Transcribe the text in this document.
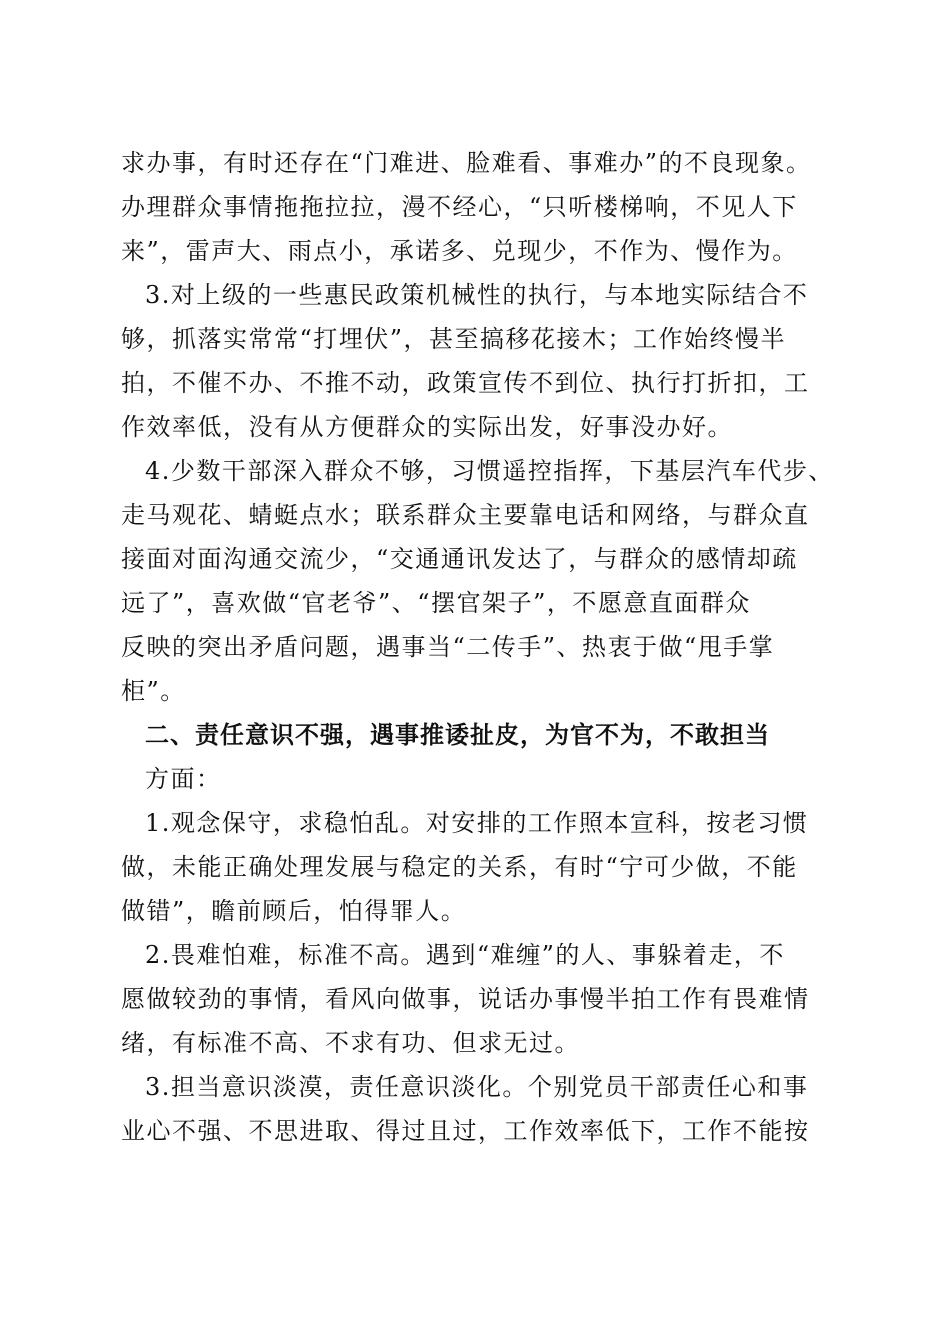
求办事，有时还存在“门难进、脸难看、事难办”的不良现象。
办理群众事情拖拖拉拉，漫不经心，“只听楼梯响，不见人下
来”，雷声大、雨点小，承诺多、兑现少，不作为、慢作为。
3.对上级的一些惠民政策机械性的执行，与本地实际结合不
够，抓落实常常“打埋伏”，甚至搞移花接木；工作始终慢半
拍，不催不办、不推不动，政策宣传不到位、执行打折扣，工
作效率低，没有从方便群众的实际出发，好事没办好。
4.少数干部深入群众不够，习惯遥控指挥，下基层汽车代步、
走马观花、蜻蜓点水；联系群众主要靠电话和网络，与群众直
接面对面沟通交流少，“交通通讯发达了，与群众的感情却疏
远了”，喜欢做“官老爷”、“摆官架子”，不愿意直面群众
反映的突出矛盾问题，遇事当“二传手”、热衷于做“甩手掌
柜”。
二、责任意识不强，遇事推诿扯皮，为官不为，不敢担当
方面：
1.观念保守，求稳怕乱。对安排的工作照本宣科，按老习惯
做，未能正确处理发展与稳定的关系，有时“宁可少做，不能
做错”，瞻前顾后，怕得罪人。
2.畏难怕难，标准不高。遇到“难缠”的人、事躲着走，不
愿做较劲的事情，看风向做事，说话办事慢半拍工作有畏难情
绪，有标准不高、不求有功、但求无过。
3.担当意识淡漠，责任意识淡化。个别党员干部责任心和事
业心不强、不思进取、得过且过，工作效率低下，工作不能按
